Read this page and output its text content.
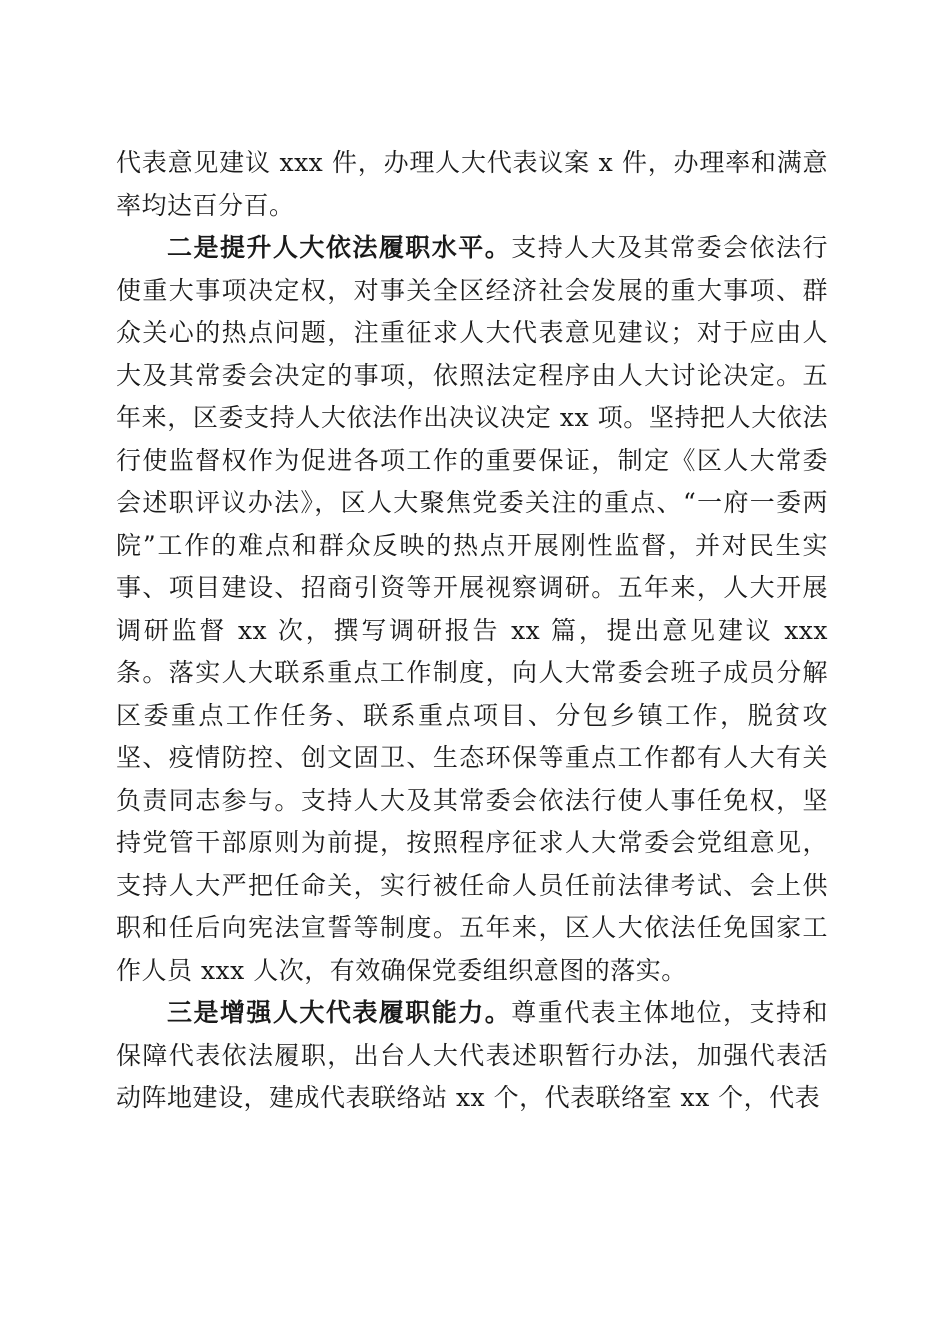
代表意见建议 xxx 件，办理人大代表议案 x 件，办理率和满意率均达百分百。

二是提升人大依法履职水平。支持人大及其常委会依法行使重大事项决定权，对事关全区经济社会发展的重大事项、群众关心的热点问题，注重征求人大代表意见建议；对于应由人大及其常委会决定的事项，依照法定程序由人大讨论决定。五年来，区委支持人大依法作出决议决定 xx 项。坚持把人大依法行使监督权作为促进各项工作的重要保证，制定《区人大常委会述职评议办法》，区人大聚焦党委关注的重点、“一府一委两院”工作的难点和群众反映的热点开展刚性监督，并对民生实事、项目建设、招商引资等开展视察调研。五年来，人大开展调研监督 xx 次，撰写调研报告 xx 篇，提出意见建议 xxx 条。落实人大联系重点工作制度，向人大常委会班子成员分解区委重点工作任务、联系重点项目、分包乡镇工作，脱贫攻坚、疫情防控、创文固卫、生态环保等重点工作都有人大有关负责同志参与。支持人大及其常委会依法行使人事任免权，坚持党管干部原则为前提，按照程序征求人大常委会党组意见，支持人大严把任命关，实行被任命人员任前法律考试、会上供职和任后向宪法宣誓等制度。五年来，区人大依法任免国家工作人员 xxx 人次，有效确保党委组织意图的落实。

三是增强人大代表履职能力。尊重代表主体地位，支持和保障代表依法履职，出台人大代表述职暂行办法，加强代表活动阵地建设，建成代表联络站 xx 个，代表联络室 xx 个，代表
